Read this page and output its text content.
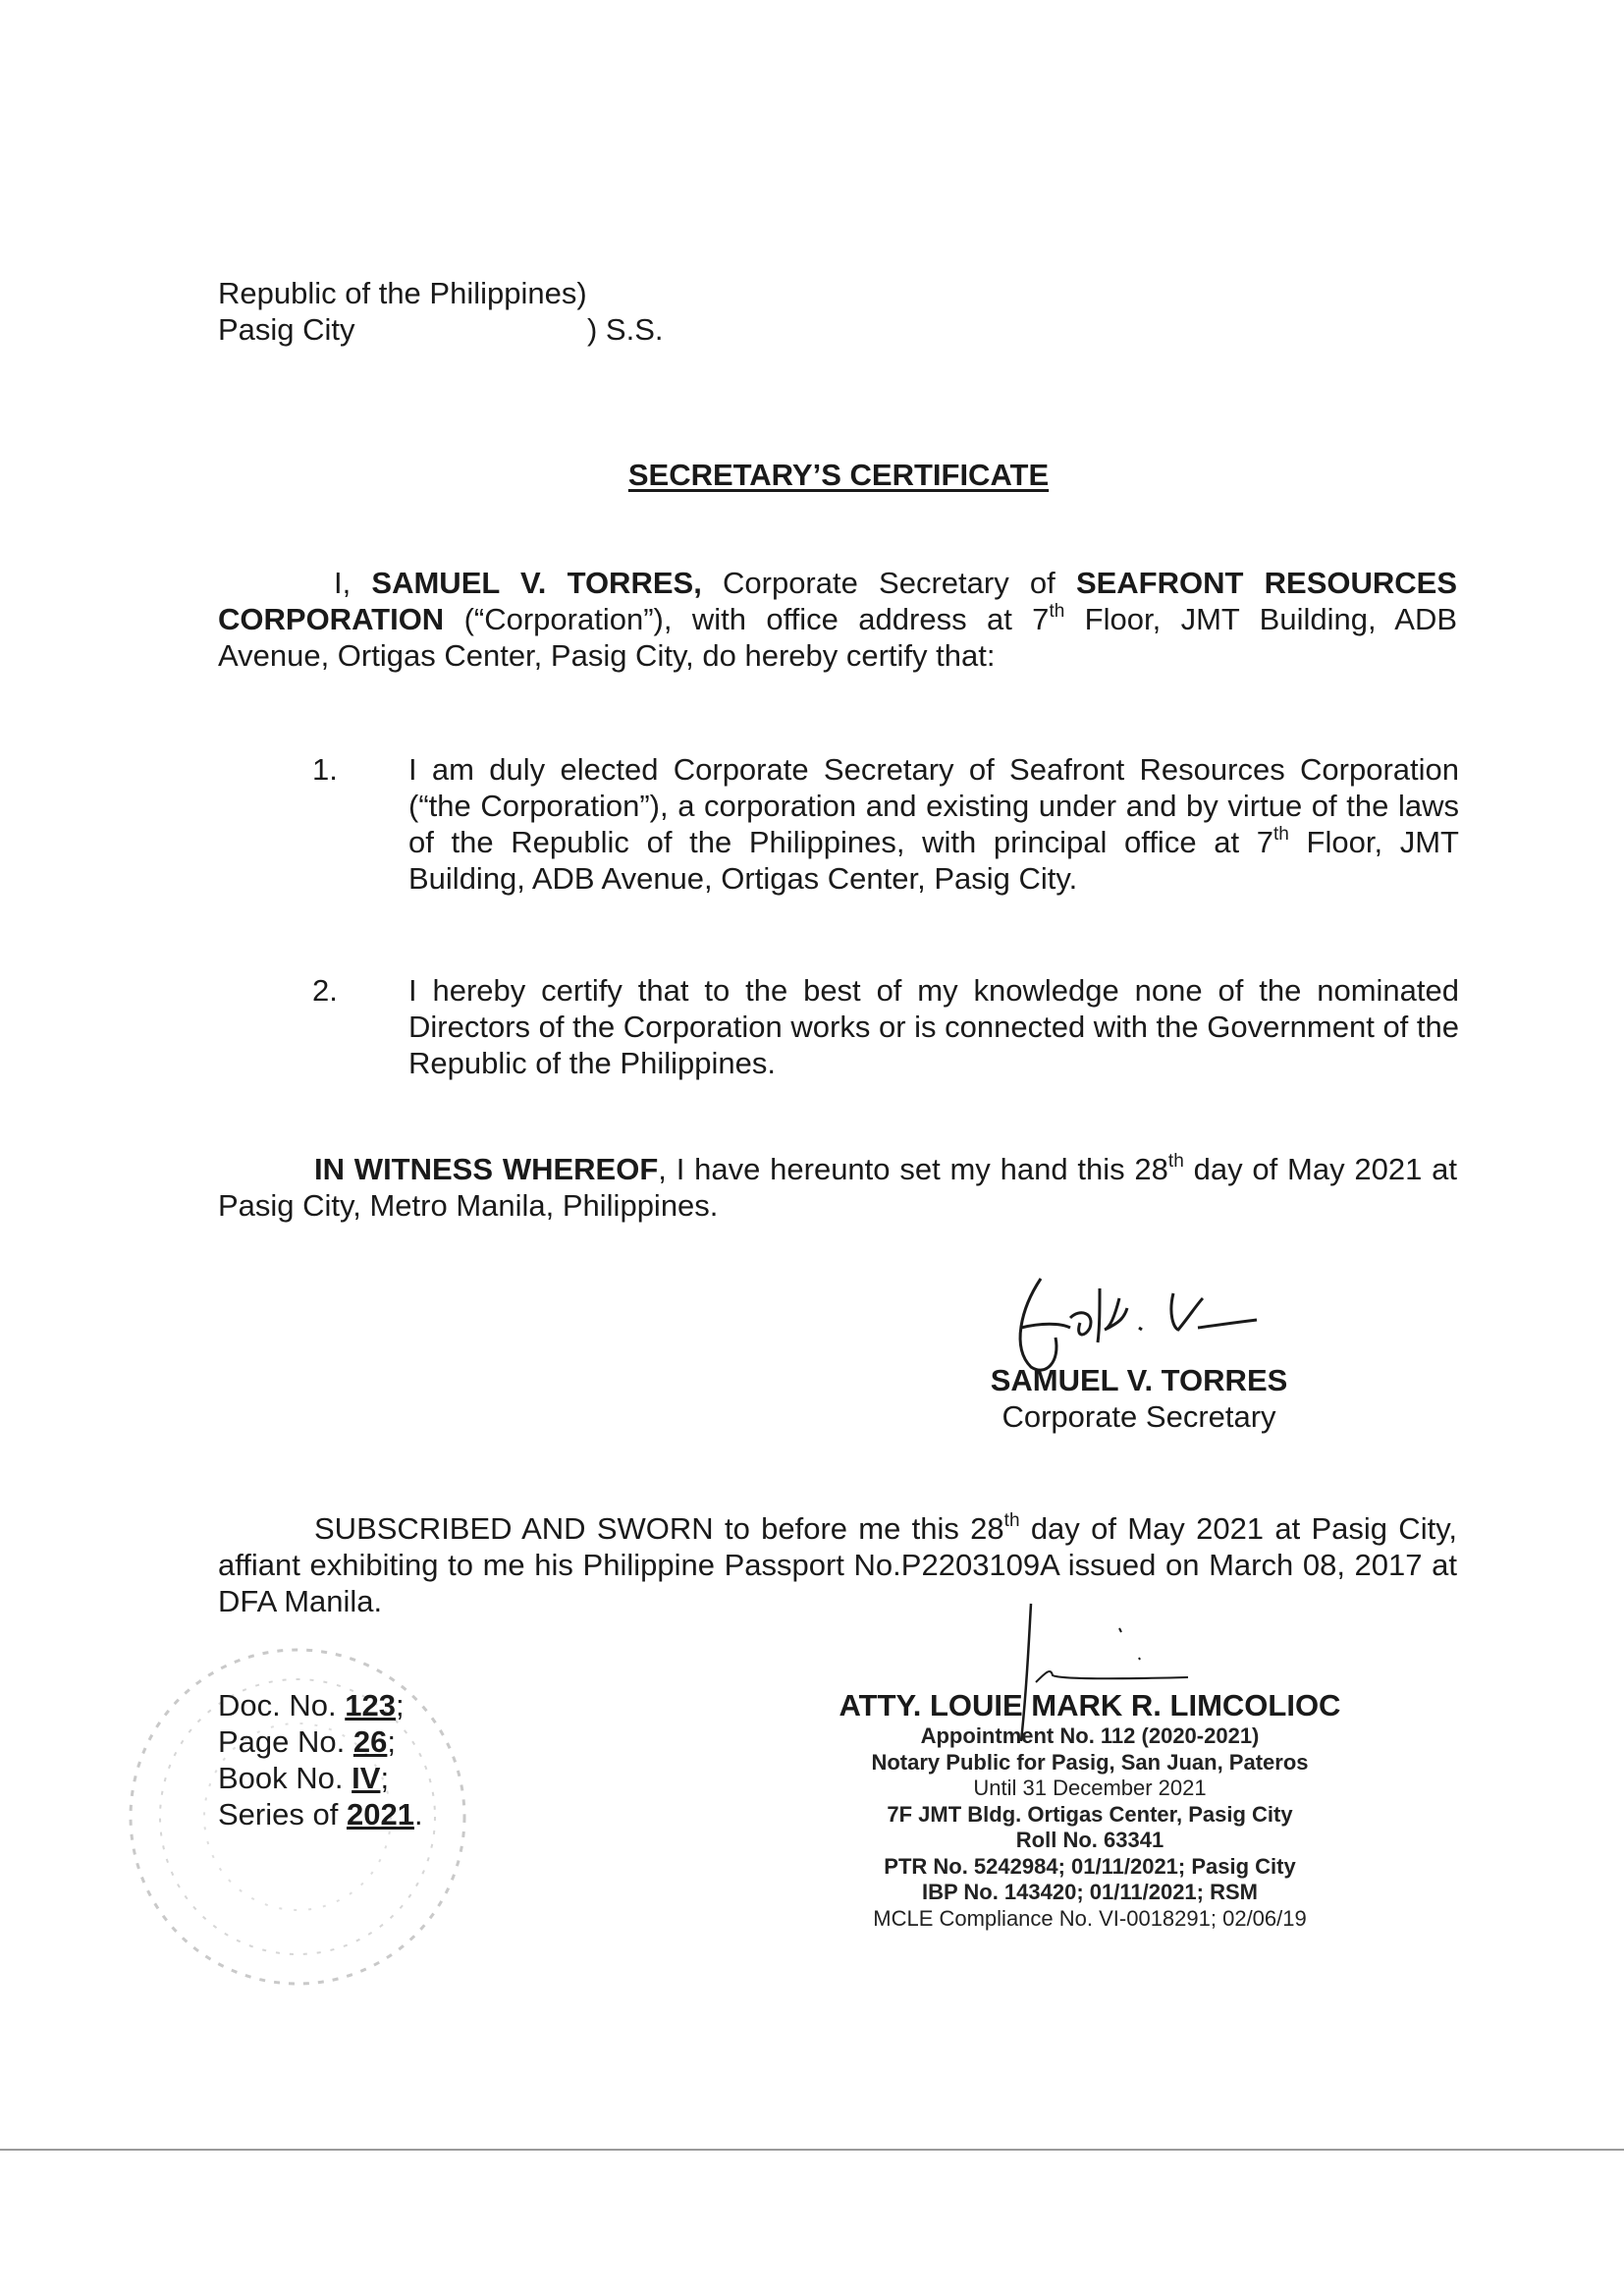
Republic of the Philippines)
Pasig City	) S.S.
SECRETARY’S CERTIFICATE
I, SAMUEL V. TORRES, Corporate Secretary of SEAFRONT RESOURCES CORPORATION (“Corporation”), with office address at 7th Floor, JMT Building, ADB Avenue, Ortigas Center, Pasig City, do hereby certify that:
1. I am duly elected Corporate Secretary of Seafront Resources Corporation (“the Corporation”), a corporation and existing under and by virtue of the laws of the Republic of the Philippines, with principal office at 7th Floor, JMT Building, ADB Avenue, Ortigas Center, Pasig City.
2. I hereby certify that to the best of my knowledge none of the nominated Directors of the Corporation works or is connected with the Government of the Republic of the Philippines.
IN WITNESS WHEREOF, I have hereunto set my hand this 28th day of May 2021 at Pasig City, Metro Manila, Philippines.
SAMUEL V. TORRES
Corporate Secretary
SUBSCRIBED AND SWORN to before me this 28th day of May 2021 at Pasig City, affiant exhibiting to me his Philippine Passport No.P2203109A issued on March 08, 2017 at DFA Manila.
Doc. No. 123;
Page No. 26;
Book No. IV;
Series of 2021.
ATTY. LOUIE MARK R. LIMCOLIOC
Appointment No. 112 (2020-2021)
Notary Public for Pasig, San Juan, Pateros
Until 31 December 2021
7F JMT Bldg. Ortigas Center, Pasig City
Roll No. 63341
PTR No. 5242984; 01/11/2021; Pasig City
IBP No. 143420; 01/11/2021; RSM
MCLE Compliance No. VI-0018291; 02/06/19
